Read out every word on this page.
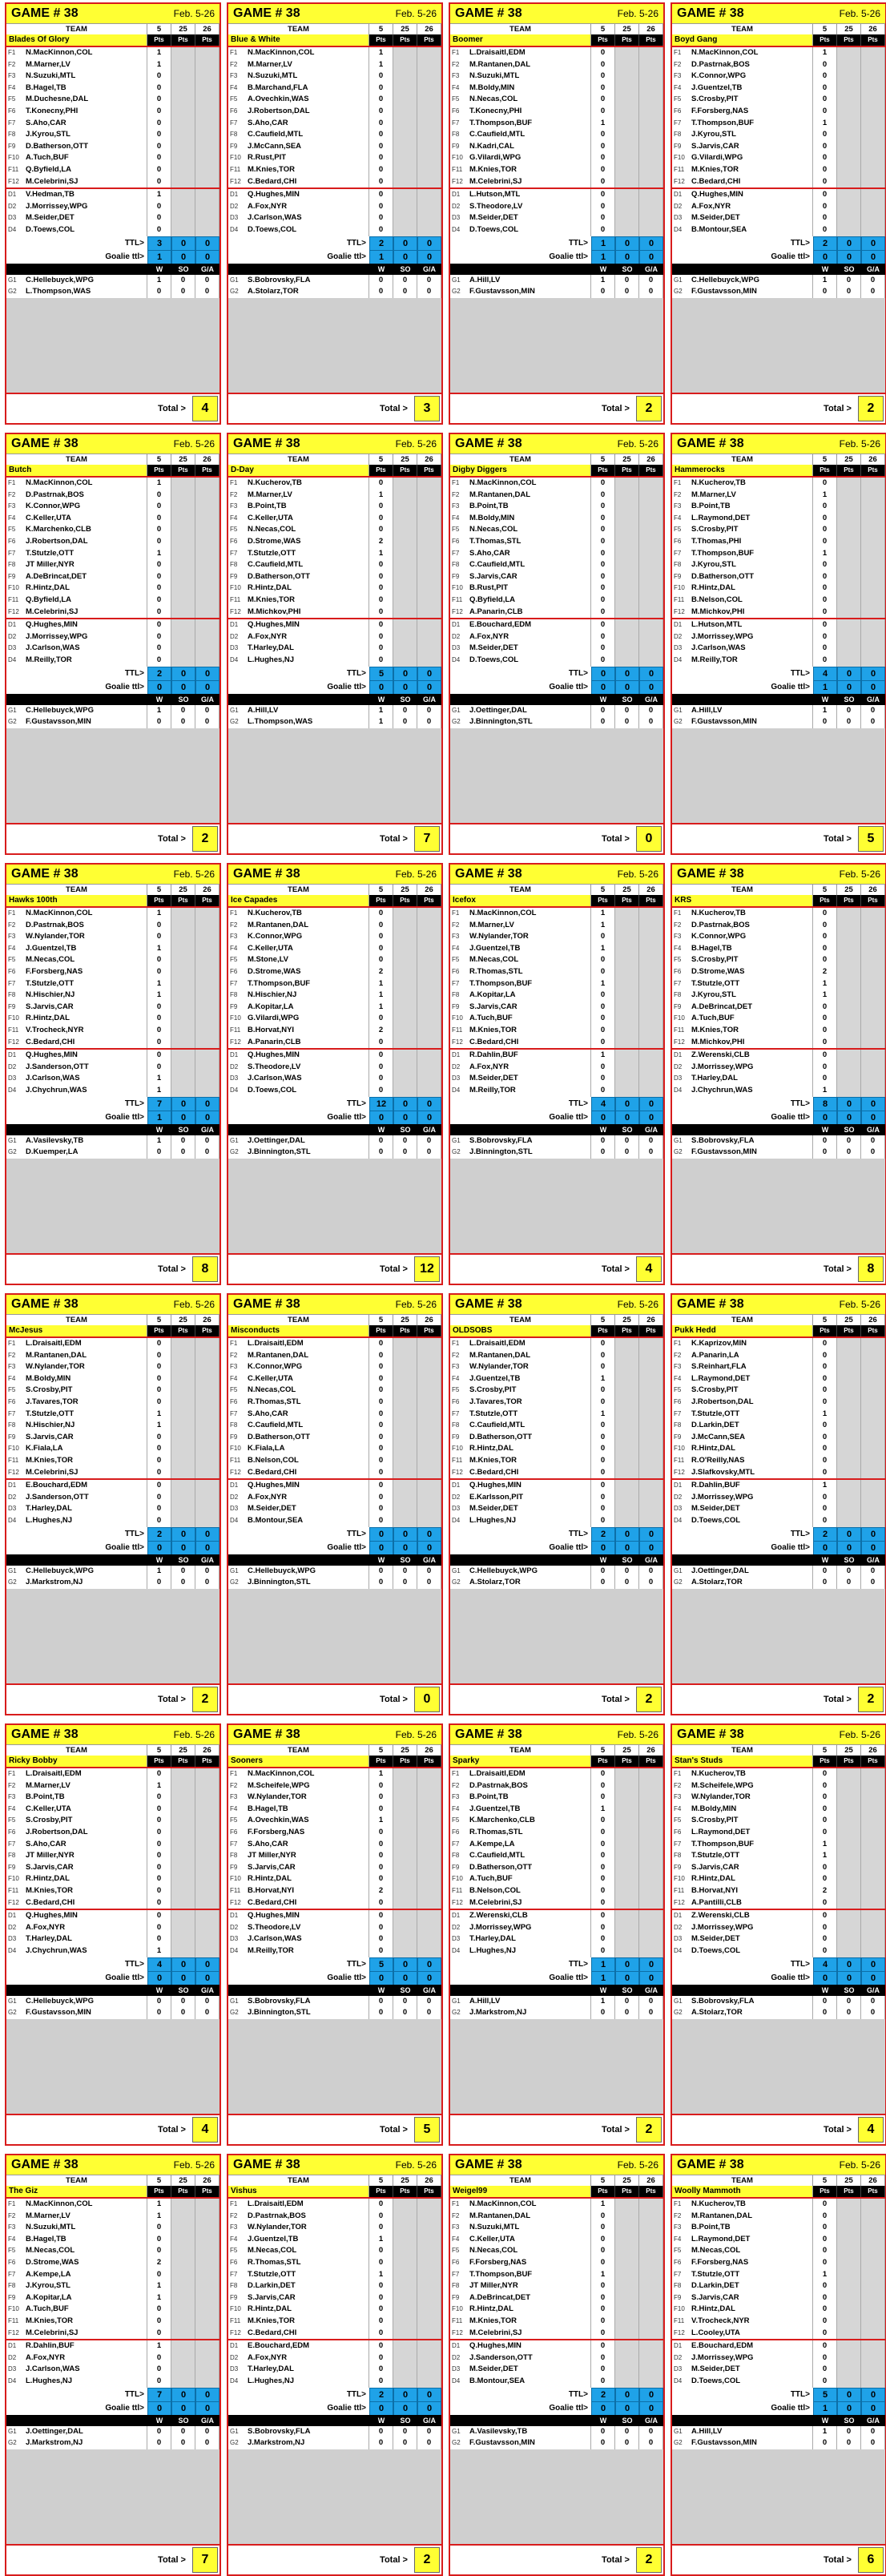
GAME # 38	Feb. 5-26
TEAM	5	25	26
Blades Of Glory	Pts	Pts	Pts
F1	N.MacKinnon,COL	1
F2	M.Marner,LV	1
F3	N.Suzuki,MTL	0
F4	B.Hagel,TB	0
F5	M.Duchesne,DAL	0
F6	T.Konecny,PHI	0
F7	S.Aho,CAR	0
F8	J.Kyrou,STL	0
F9	D.Batherson,OTT	0
F10 A.Tuch,BUF	0
F11 Q.Byfield,LA	0
F12 M.Celebrini,SJ	0
D1	V.Hedman,TB	1
D2	J.Morrissey,WPG	0
D3	M.Seider,DET	0
D4	D.Toews,COL	0
TTL>	3	0	0
Goalie ttl>	1	0	0
W	SO	G/A
G1	C.Hellebuyck,WPG	1	0	0
G2	L.Thompson,WAS	0	0	0
Total >	4
GAME # 38	Feb. 5-26
TEAM	5	25	26
Blue & White	Pts	Pts	Pts
F1	N.MacKinnon,COL	1
F2	M.Marner,LV	1
F3	N.Suzuki,MTL	0
F4	B.Marchand,FLA	0
F5	A.Ovechkin,WAS	0
F6	J.Robertson,DAL	0
F7	S.Aho,CAR	0
F8	C.Caufield,MTL	0
F9	J.McCann,SEA	0
F10 R.Rust,PIT	0
F11 M.Knies,TOR	0
F12 C.Bedard,CHI	0
D1	Q.Hughes,MIN	0
D2	A.Fox,NYR	0
D3	J.Carlson,WAS	0
D4	D.Toews,COL	0
TTL>	2	0	0
Goalie ttl>	1	0	0
W	SO	G/A
G1	S.Bobrovsky,FLA	0	0	0
G2	A.Stolarz,TOR	0	0	0
Total >	3
GAME # 38	Feb. 5-26
TEAM	5	25	26
Boomer	Pts	Pts	Pts
F1	L.Draisaitl,EDM	0
F2	M.Rantanen,DAL	0
F3	N.Suzuki,MTL	0
F4	M.Boldy,MIN	0
F5	N.Necas,COL	0
F6	T.Konecny,PHI	0
F7	T.Thompson,BUF	1
F8	C.Caufield,MTL	0
F9	N.Kadri,CAL	0
F10 G.Vilardi,WPG	0
F11 M.Knies,TOR	0
F12 M.Celebrini,SJ	0
D1	L.Hutson,MTL	0
D2	S.Theodore,LV	0
D3	M.Seider,DET	0
D4	D.Toews,COL	0
TTL>	1	0	0
Goalie ttl>	1	0	0
W	SO	G/A
G1	A.Hill,LV	1	0	0
G2	F.Gustavsson,MIN	0	0	0
Total >	2
GAME # 38	Feb. 5-26
TEAM	5	25	26
Boyd Gang	Pts	Pts	Pts
F1	N.MacKinnon,COL	1
F2	D.Pastrnak,BOS	0
F3	K.Connor,WPG	0
F4	J.Guentzel,TB	0
F5	S.Crosby,PIT	0
F6	F.Forsberg,NAS	0
F7	T.Thompson,BUF	1
F8	J.Kyrou,STL	0
F9	S.Jarvis,CAR	0
F10 G.Vilardi,WPG	0
F11 M.Knies,TOR	0
F12 C.Bedard,CHI	0
D1	Q.Hughes,MIN	0
D2	A.Fox,NYR	0
D3	M.Seider,DET	0
D4	B.Montour,SEA	0
TTL>	2	0	0
Goalie ttl>	0	0	0
W	SO	G/A
G1	C.Hellebuyck,WPG	1	0	0
G2	F.Gustavsson,MIN	0	0	0
Total >	2
GAME # 38	Feb. 5-26
TEAM	5	25	26
Butch	Pts	Pts	Pts
F1	N.MacKinnon,COL	1
F2	D.Pastrnak,BOS	0
F3	K.Connor,WPG	0
F4	C.Keller,UTA	0
F5	K.Marchenko,CLB	0
F6	J.Robertson,DAL	0
F7	T.Stutzle,OTT	1
F8	JT Miller,NYR	0
F9	A.DeBrincat,DET	0
F10 R.Hintz,DAL	0
F11 Q.Byfield,LA	0
F12 M.Celebrini,SJ	0
D1	Q.Hughes,MIN	0
D2	J.Morrissey,WPG	0
D3	J.Carlson,WAS	0
D4	M.Reilly,TOR	0
TTL>	2	0	0
Goalie ttl>	0	0	0
W	SO	G/A
G1	C.Hellebuyck,WPG	1	0	0
G2	F.Gustavsson,MIN	0	0	0
Total >	2
GAME # 38	Feb. 5-26
TEAM	5	25	26
D-Day	Pts	Pts	Pts
F1	N.Kucherov,TB	0
F2	M.Marner,LV	1
F3	B.Point,TB	0
F4	C.Keller,UTA	0
F5	N.Necas,COL	0
F6	D.Strome,WAS	2
F7	T.Stutzle,OTT	1
F8	C.Caufield,MTL	0
F9	D.Batherson,OTT	0
F10 R.Hintz,DAL	0
F11 M.Knies,TOR	0
F12 M.Michkov,PHI	0
D1	Q.Hughes,MIN	0
D2	A.Fox,NYR	0
D3	T.Harley,DAL	0
D4	L.Hughes,NJ	0
TTL>	5	0	0
Goalie ttl>	0	0	0
W	SO	G/A
G1	A.Hill,LV	1	0	0
G2	L.Thompson,WAS	1	0	0
Total >	7
GAME # 38	Feb. 5-26
TEAM	5	25	26
Digby Diggers	Pts	Pts	Pts
F1	N.MacKinnon,COL	0
F2	M.Rantanen,DAL	0
F3	B.Point,TB	0
F4	M.Boldy,MIN	0
F5	N.Necas,COL	0
F6	T.Thomas,STL	0
F7	S.Aho,CAR	0
F8	C.Caufield,MTL	0
F9	S.Jarvis,CAR	0
F10 B.Rust,PIT	0
F11 Q.Byfield,LA	0
F12 A.Panarin,CLB	0
D1	E.Bouchard,EDM	0
D2	A.Fox,NYR	0
D3	M.Seider,DET	0
D4	D.Toews,COL	0
TTL>	0	0	0
Goalie ttl>	0	0	0
W	SO	G/A
G1	J.Oettinger,DAL	0	0	0
G2	J.Binnington,STL	0	0	0
Total >	0
GAME # 38	Feb. 5-26
TEAM	5	25	26
Hammerocks	Pts	Pts	Pts
F1	N.Kucherov,TB	0
F2	M.Marner,LV	1
F3	B.Point,TB	0
F4	L.Raymond,DET	0
F5	S.Crosby,PIT	0
F6	T.Thomas,PHI	0
F7	T.Thompson,BUF	1
F8	J.Kyrou,STL	0
F9	D.Batherson,OTT	0
F10 R.Hintz,DAL	0
F11 B.Nelson,COL	0
F12 M.Michkov,PHI	0
D1	L.Hutson,MTL	0
D2	J.Morrissey,WPG	0
D3	J.Carlson,WAS	0
D4	M.Reilly,TOR	0
TTL>	4	0	0
Goalie ttl>	1	0	0
W	SO	G/A
G1	A.Hill,LV	1	0	0
G2	F.Gustavsson,MIN	0	0	0
Total >	5
GAME # 38	Feb. 5-26
TEAM	5	25	26
Hawks 100th	Pts	Pts	Pts
F1	N.MacKinnon,COL	1
F2	D.Pastrnak,BOS	0
F3	W.Nylander,TOR	0
F4	J.Guentzel,TB	1
F5	M.Necas,COL	0
F6	F.Forsberg,NAS	0
F7	T.Stutzle,OTT	1
F8	N.Hischier,NJ	1
F9	S.Jarvis,CAR	0
F10 R.Hintz,DAL	0
F11 V.Trocheck,NYR	0
F12 C.Bedard,CHI	0
D1	Q.Hughes,MIN	0
D2	J.Sanderson,OTT	0
D3	J.Carlson,WAS	1
D4	J.Chychrun,WAS	1
TTL>	7	0	0
Goalie ttl>	1	0	0
W	SO	G/A
G1	A.Vasilevsky,TB	1	0	0
G2	D.Kuemper,LA	0	0	0
Total >	8
GAME # 38	Feb. 5-26
TEAM	5	25	26
Ice Capades	Pts	Pts	Pts
F1	N.Kucherov,TB	0
F2	M.Rantanen,DAL	0
F3	K.Connor,WPG	0
F4	C.Keller,UTA	0
F5	M.Stone,LV	0
F6	D.Strome,WAS	2
F7	T.Thompson,BUF	1
F8	N.Hischier,NJ	1
F9	A.Kopitar,LA	1
F10 G.Vilardi,WPG	0
F11 B.Horvat,NYI	2
F12 A.Panarin,CLB	0
D1	Q.Hughes,MIN	0
D2	S.Theodore,LV	0
D3	J.Carlson,WAS	0
D4	D.Toews,COL	0
TTL>	12	0	0
Goalie ttl>	0	0	0
W	SO	G/A
G1	J.Oettinger,DAL	0	0	0
G2	J.Binnington,STL	0	0	0
Total > 12
GAME # 38	Feb. 5-26
TEAM	5	25	26
Icefox	Pts	Pts	Pts
F1	N.MacKinnon,COL	1
F2	M.Marner,LV	1
F3	W.Nylander,TOR	0
F4	J.Guentzel,TB	1
F5	M.Necas,COL	0
F6	R.Thomas,STL	0
F7	T.Thompson,BUF	1
F8	A.Kopitar,LA	0
F9	S.Jarvis,CAR	0
F10 A.Tuch,BUF	0
F11 M.Knies,TOR	0
F12 C.Bedard,CHI	0
D1	R.Dahlin,BUF	1
D2	A.Fox,NYR	0
D3	M.Seider,DET	0
D4	M.Reilly,TOR	0
TTL>	4	0	0
Goalie ttl>	0	0	0
W	SO	G/A
G1	S.Bobrovsky,FLA	0	0	0
G2	J.Binnington,STL	0	0	0
Total >	4
GAME # 38	Feb. 5-26
TEAM	5	25	26
KRS	Pts	Pts	Pts
F1	N.Kucherov,TB	0
F2	D.Pastrnak,BOS	0
F3	K.Connor,WPG	0
F4	B.Hagel,TB	0
F5	S.Crosby,PIT	0
F6	D.Strome,WAS	2
F7	T.Stutzle,OTT	1
F8	J.Kyrou,STL	1
F9	A.DeBrincat,DET	0
F10 A.Tuch,BUF	0
F11 M.Knies,TOR	0
F12 M.Michkov,PHI	0
D1	Z.Werenski,CLB	0
D2	J.Morrissey,WPG	0
D3	T.Harley,DAL	0
D4	J.Chychrun,WAS	1
TTL>	8	0	0
Goalie ttl>	0	0	0
W	SO	G/A
G1	S.Bobrovsky,FLA	0	0	0
G2	F.Gustavsson,MIN	0	0	0
Total >	8
GAME # 38	Feb. 5-26
TEAM	5	25	26
McJesus	Pts	Pts	Pts
F1	L.Draisaitl,EDM	0
F2	M.Rantanen,DAL	0
F3	W.Nylander,TOR	0
F4	M.Boldy,MIN	0
F5	S.Crosby,PIT	0
F6	J.Tavares,TOR	0
F7	T.Stutzle,OTT	1
F8	N.Hischier,NJ	1
F9	S.Jarvis,CAR	0
F10 K.Fiala,LA	0
F11 M.Knies,TOR	0
F12 M.Celebrini,SJ	0
D1	E.Bouchard,EDM	0
D2	J.Sanderson,OTT	0
D3	T.Harley,DAL	0
D4	L.Hughes,NJ	0
TTL>	2	0	0
Goalie ttl>	0	0	0
W	SO	G/A
G1	C.Hellebuyck,WPG	1	0	0
G2	J.Markstrom,NJ	0	0	0
Total >	2
GAME # 38	Feb. 5-26
TEAM	5	25	26
Misconducts	Pts	Pts	Pts
F1	L.Draisaitl,EDM	0
F2	M.Rantanen,DAL	0
F3	K.Connor,WPG	0
F4	C.Keller,UTA	0
F5	N.Necas,COL	0
F6	R.Thomas,STL	0
F7	S.Aho,CAR	0
F8	C.Caufield,MTL	0
F9	D.Batherson,OTT	0
F10 K.Fiala,LA	0
F11 B.Nelson,COL	0
F12 C.Bedard,CHI	0
D1	Q.Hughes,MIN	0
D2	A.Fox,NYR	0
D3	M.Seider,DET	0
D4	B.Montour,SEA	0
TTL>	0	0	0
Goalie ttl>	0	0	0
W	SO	G/A
G1	C.Hellebuyck,WPG	0	0	0
G2	J.Binnington,STL	0	0	0
Total >	0
GAME # 38	Feb. 5-26
TEAM	5	25	26
OLDSOBS	Pts	Pts	Pts
F1	L.Draisaitl,EDM	0
F2	M.Rantanen,DAL	0
F3	W.Nylander,TOR	0
F4	J.Guentzel,TB	1
F5	S.Crosby,PIT	0
F6	J.Tavares,TOR	0
F7	T.Stutzle,OTT	1
F8	C.Caufield,MTL	0
F9	D.Batherson,OTT	0
F10 R.Hintz,DAL	0
F11 M.Knies,TOR	0
F12 C.Bedard,CHI	0
D1	Q.Hughes,MIN	0
D2	E.Karlsson,PIT	0
D3	M.Seider,DET	0
D4	L.Hughes,NJ	0
TTL>	2	0	0
Goalie ttl>	0	0	0
W	SO	G/A
G1	C.Hellebuyck,WPG	0	0	0
G2	A.Stolarz,TOR	0	0	0
Total >	2
GAME # 38	Feb. 5-26
TEAM	5	25	26
Pukk Hedd	Pts	Pts	Pts
F1	K.Kaprizov,MIN	0
F2	A.Panarin,LA	0
F3	S.Reinhart,FLA	0
F4	L.Raymond,DET	0
F5	S.Crosby,PIT	0
F6	J.Robertson,DAL	0
F7	T.Stutzle,OTT	1
F8	D.Larkin,DET	0
F9	J.McCann,SEA	0
F10 R.Hintz,DAL	0
F11 R.O'Reilly,NAS	0
F12 J.Slafkovsky,MTL	0
D1	R.Dahlin,BUF	1
D2	J.Morrissey,WPG	0
D3	M.Seider,DET	0
D4	D.Toews,COL	0
TTL>	2	0	0
Goalie ttl>	0	0	0
W	SO	G/A
G1	J.Oettinger,DAL	0	0	0
G2	A.Stolarz,TOR	0	0	0
Total >	2
GAME # 38	Feb. 5-26
TEAM	5	25	26
Ricky Bobby	Pts	Pts	Pts
F1	L.Draisaitl,EDM	0
F2	M.Marner,LV	1
F3	B.Point,TB	0
F4	C.Keller,UTA	0
F5	S.Crosby,PIT	0
F6	J.Robertson,DAL	0
F7	S.Aho,CAR	0
F8	JT Miller,NYR	0
F9	S.Jarvis,CAR	0
F10 R.Hintz,DAL	0
F11 M.Knies,TOR	0
F12 C.Bedard,CHI	0
D1	Q.Hughes,MIN	0
D2	A.Fox,NYR	0
D3	T.Harley,DAL	0
D4	J.Chychrun,WAS	1
TTL>	4	0	0
Goalie ttl>	0	0	0
W	SO	G/A
G1	C.Hellebuyck,WPG	0	0	0
G2	F.Gustavsson,MIN	0	0	0
Total >	4
GAME # 38	Feb. 5-26
TEAM	5	25	26
Sooners	Pts	Pts	Pts
F1	N.MacKinnon,COL	1
F2	M.Scheifele,WPG	0
F3	W.Nylander,TOR	0
F4	B.Hagel,TB	0
F5	A.Ovechkin,WAS	1
F6	F.Forsberg,NAS	0
F7	S.Aho,CAR	0
F8	JT Miller,NYR	0
F9	S.Jarvis,CAR	0
F10 R.Hintz,DAL	0
F11 B.Horvat,NYI	2
F12 C.Bedard,CHI	0
D1	Q.Hughes,MIN	0
D2	S.Theodore,LV	0
D3	J.Carlson,WAS	0
D4	M.Reilly,TOR	0
TTL>	5	0	0
Goalie ttl>	0	0	0
W	SO	G/A
G1	S.Bobrovsky,FLA	0	0	0
G2	J.Binnington,STL	0	0	0
Total >	5
GAME # 38	Feb. 5-26
TEAM	5	25	26
Sparky	Pts	Pts	Pts
F1	L.Draisaitl,EDM	0
F2	D.Pastrnak,BOS	0
F3	B.Point,TB	0
F4	J.Guentzel,TB	1
F5	K.Marchenko,CLB	0
F6	R.Thomas,STL	0
F7	A.Kempe,LA	0
F8	C.Caufield,MTL	0
F9	D.Batherson,OTT	0
F10 A.Tuch,BUF	0
F11 B.Nelson,COL	0
F12 M.Celebrini,SJ	0
D1	Z.Werenski,CLB	0
D2	J.Morrissey,WPG	0
D3	T.Harley,DAL	0
D4	L.Hughes,NJ	0
TTL>	1	0	0
Goalie ttl>	1	0	0
W	SO	G/A
G1	A.Hill,LV	1	0	0
G2	J.Markstrom,NJ	0	0	0
Total >	2
GAME # 38	Feb. 5-26
TEAM	5	25	26
Stan's Studs	Pts	Pts	Pts
F1	N.Kucherov,TB	0
F2	M.Scheifele,WPG	0
F3	W.Nylander,TOR	0
F4	M.Boldy,MIN	0
F5	S.Crosby,PIT	0
F6	L.Raymond,DET	0
F7	T.Thompson,BUF	1
F8	T.Stutzle,OTT	1
F9	S.Jarvis,CAR	0
F10 R.Hintz,DAL	0
F11 B.Horvat,NYI	2
F12 A.Pantilli,CLB	0
D1	Z.Werenski,CLB	0
D2	J.Morrissey,WPG	0
D3	M.Seider,DET	0
D4	D.Toews,COL	0
TTL>	4	0	0
Goalie ttl>	0	0	0
W	SO	G/A
G1	S.Bobrovsky,FLA	0	0	0
G2	A.Stolarz,TOR	0	0	0
Total >	4
GAME # 38	Feb. 5-26
TEAM	5	25	26
The Giz	Pts	Pts	Pts
F1	N.MacKinnon,COL	1
F2	M.Marner,LV	1
F3	N.Suzuki,MTL	0
F4	B.Hagel,TB	0
F5	M.Necas,COL	0
F6	D.Strome,WAS	2
F7	A.Kempe,LA	0
F8	J.Kyrou,STL	1
F9	A.Kopitar,LA	1
F10 A.Tuch,BUF	0
F11 M.Knies,TOR	0
F12 M.Celebrini,SJ	0
D1	R.Dahlin,BUF	1
D2	A.Fox,NYR	0
D3	J.Carlson,WAS	0
D4	L.Hughes,NJ	0
TTL>	7	0	0
Goalie ttl>	0	0	0
W	SO	G/A
G1	J.Oettinger,DAL	0	0	0
G2	J.Markstrom,NJ	0	0	0
Total >	7
GAME # 38	Feb. 5-26
TEAM	5	25	26
Vishus	Pts	Pts	Pts
F1	L.Draisaitl,EDM	0
F2	D.Pastrnak,BOS	0
F3	W.Nylander,TOR	0
F4	J.Guentzel,TB	1
F5	M.Necas,COL	0
F6	R.Thomas,STL	0
F7	T.Stutzle,OTT	1
F8	D.Larkin,DET	0
F9	S.Jarvis,CAR	0
F10 R.Hintz,DAL	0
F11 M.Knies,TOR	0
F12 C.Bedard,CHI	0
D1	E.Bouchard,EDM	0
D2	A.Fox,NYR	0
D3	T.Harley,DAL	0
D4	L.Hughes,NJ	0
TTL>	2	0	0
Goalie ttl>	0	0	0
W	SO	G/A
G1	S.Bobrovsky,FLA	0	0	0
G2	J.Markstrom,NJ	0	0	0
Total >	2
GAME # 38	Feb. 5-26
TEAM	5	25	26
Weigel99	Pts	Pts	Pts
F1	N.MacKinnon,COL	1
F2	M.Rantanen,DAL	0
F3	N.Suzuki,MTL	0
F4	C.Keller,UTA	0
F5	N.Necas,COL	0
F6	F.Forsberg,NAS	0
F7	T.Thompson,BUF	1
F8	JT Miller,NYR	0
F9	A.DeBrincat,DET	0
F10 R.Hintz,DAL	0
F11 M.Knies,TOR	0
F12 M.Celebrini,SJ	0
D1	Q.Hughes,MIN	0
D2	J.Sanderson,OTT	0
D3	M.Seider,DET	0
D4	B.Montour,SEA	0
TTL>	2	0	0
Goalie ttl>	0	0	0
W	SO	G/A
G1	A.Vasilevsky,TB	0	0	0
G2	F.Gustavsson,MIN	0	0	0
Total >	2
GAME # 38	Feb. 5-26
TEAM	5	25	26
Woolly Mammoth	Pts	Pts	Pts
F1	N.Kucherov,TB	0
F2	M.Rantanen,DAL	0
F3	B.Point,TB	0
F4	L.Raymond,DET	0
F5	M.Necas,COL	0
F6	F.Forsberg,NAS	0
F7	T.Stutzle,OTT	1
F8	D.Larkin,DET	0
F9	S.Jarvis,CAR	0
F10 R.Hintz,DAL	0
F11 V.Trocheck,NYR	0
F12 L.Cooley,UTA	0
D1	E.Bouchard,EDM	0
D2	J.Morrissey,WPG	0
D3	M.Seider,DET	0
D4	D.Toews,COL	0
TTL>	5	0	0
Goalie ttl>	1	0	0
W	SO	G/A
G1	A.Hill,LV	1	0	0
G2	F.Gustavsson,MIN	0	0	0
Total >	6
